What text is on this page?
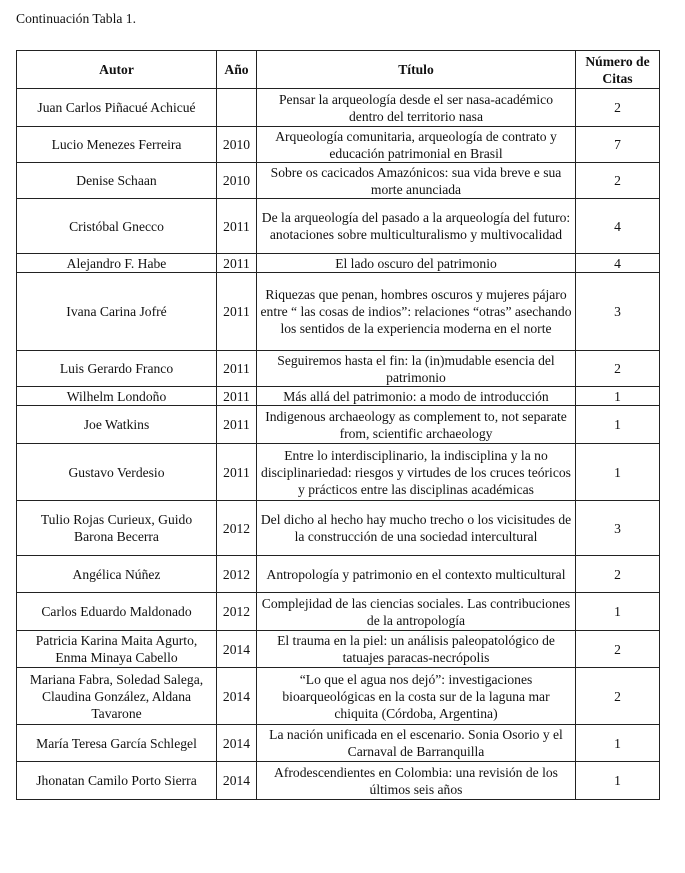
Continuación Tabla 1.
Autor	Año	Título	Número de Citas
Juan Carlos Piñacué Achicué		Pensar la arqueología desde el ser nasa-académico dentro del territorio nasa	2
Lucio Menezes Ferreira	2010	Arqueología comunitaria, arqueología de contrato y educación patrimonial en Brasil	7
Denise Schaan	2010	Sobre os cacicados Amazónicos: sua vida breve e sua morte anunciada	2
Cristóbal Gnecco	2011	De la arqueología del pasado a la arqueología del futuro: anotaciones sobre multiculturalismo y multivocalidad	4
Alejandro F. Habe	2011	El lado oscuro del patrimonio	4
Ivana Carina Jofré	2011	Riquezas que penan, hombres oscuros y mujeres pájaro entre “ las cosas de indios”: relaciones “otras” asechando los sentidos de la experiencia moderna en el norte	3
Luis Gerardo Franco	2011	Seguiremos hasta el fin: la (in)mudable esencia del patrimonio	2
Wilhelm Londoño	2011	Más allá del patrimonio: a modo de introducción	1
Joe Watkins	2011	Indigenous archaeology as complement to, not separate from, scientific archaeology	1
Gustavo Verdesio	2011	Entre lo interdisciplinario, la indisciplina y la no disciplinariedad: riesgos y virtudes de los cruces teóricos y prácticos entre las disciplinas académicas	1
Tulio Rojas Curieux, Guido Barona Becerra	2012	Del dicho al hecho hay mucho trecho o los vicisitudes de la construcción de una sociedad intercultural	3
Angélica Núñez	2012	Antropología y patrimonio en el contexto multicultural	2
Carlos Eduardo Maldonado	2012	Complejidad de las ciencias sociales. Las contribuciones de la antropología	1
Patricia Karina Maita Agurto, Enma Minaya Cabello	2014	El trauma en la piel: un análisis paleopatológico de tatuajes paracas-necrópolis	2
Mariana Fabra, Soledad Salega, Claudina González, Aldana Tavarone	2014	“Lo que el agua nos dejó”: investigaciones bioarqueológicas en la costa sur de la laguna mar chiquita (Córdoba, Argentina)	2
María Teresa García Schlegel	2014	La nación unificada en el escenario. Sonia Osorio y el Carnaval de Barranquilla	1
Jhonatan Camilo Porto Sierra	2014	Afrodescendientes en Colombia: una revisión de los últimos seis años	1
